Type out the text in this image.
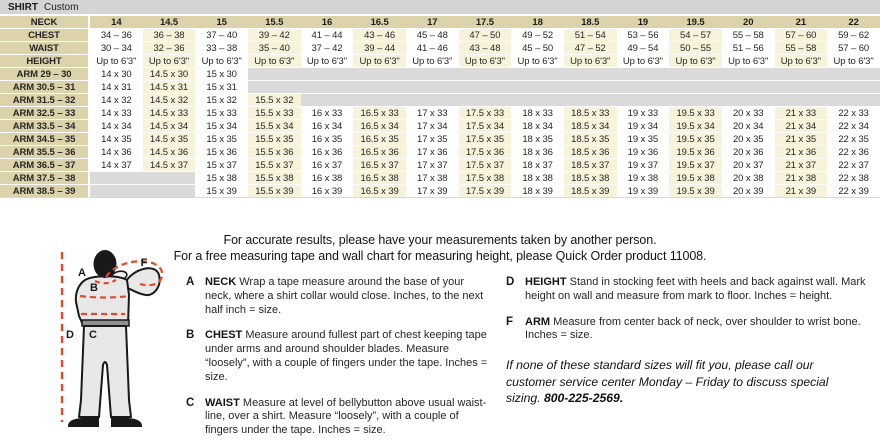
SHIRT Custom
NECK	14	14.5	15	15.5	16	16.5	17	17.5	18	18.5	19	19.5	20	21	22
CHEST	34 – 36	36 – 38	37 – 40	39 – 42	41 – 44	43 – 46	45 – 48	47 – 50	49 – 52	51 – 54	53 – 56	54 – 57	55 – 58	57 – 60	59 – 62
WAIST	30 – 34	32 – 36	33 – 38	35 – 40	37 – 42	39 – 44	41 – 46	43 – 48	45 – 50	47 – 52	49 – 54	50 – 55	51 – 56	55 – 58	57 – 60
HEIGHT	Up to 6'3"	Up to 6'3"	Up to 6'3"	Up to 6'3"	Up to 6'3"	Up to 6'3"	Up to 6'3"	Up to 6'3"	Up to 6'3"	Up to 6'3"	Up to 6'3"	Up to 6'3"	Up to 6'3"	Up to 6'3"	Up to 6'3"
ARM 29 – 30	14 x 30	14.5 x 30	15 x 30												
ARM 30.5 – 31	14 x 31	14.5 x 31	15 x 31												
ARM 31.5 – 32	14 x 32	14.5 x 32	15 x 32	15.5 x 32											
ARM 32.5 – 33	14 x 33	14.5 x 33	15 x 33	15.5 x 33	16 x 33	16.5 x 33	17 x 33	17.5 x 33	18 x 33	18.5 x 33	19 x 33	19.5 x 33	20 x 33	21 x 33	22 x 33
ARM 33.5 – 34	14 x 34	14.5 x 34	15 x 34	15.5 x 34	16 x 34	16.5 x 34	17 x 34	17.5 x 34	18 x 34	18.5 x 34	19 x 34	19.5 x 34	20 x 34	21 x 34	22 x 34
ARM 34.5 – 35	14 x 35	14.5 x 35	15 x 35	15.5 x 35	16 x 35	16.5 x 35	17 x 35	17.5 x 35	18 x 35	18.5 x 35	19 x 35	19.5 x 35	20 x 35	21 x 35	22 x 35
ARM 35.5 – 36	14 x 36	14.5 x 36	15 x 36	15.5 x 36	16 x 36	16.5 x 36	17 x 36	17.5 x 36	18 x 36	18.5 x 36	19 x 36	19.5 x 36	20 x 36	21 x 36	22 x 36
ARM 36.5 – 37	14 x 37	14.5 x 37	15 x 37	15.5 x 37	16 x 37	16.5 x 37	17 x 37	17.5 x 37	18 x 37	18.5 x 37	19 x 37	19.5 x 37	20 x 37	21 x 37	22 x 37
ARM 37.5 – 38			15 x 38	15.5 x 38	16 x 38	16.5 x 38	17 x 38	17.5 x 38	18 x 38	18.5 x 38	19 x 38	19.5 x 38	20 x 38	21 x 38	22 x 38
ARM 38.5 – 39			15 x 39	15.5 x 39	16 x 39	16.5 x 39	17 x 39	17.5 x 39	18 x 39	18.5 x 39	19 x 39	19.5 x 39	20 x 39	21 x 39	22 x 39
For accurate results, please have your measurements taken by another person.
For a free measuring tape and wall chart for measuring height, please Quick Order product 11008.
A
B
C
D
F
A NECK Wrap a tape measure around the base of your neck, where a shirt collar would close. Inches, to the next half inch = size.

B CHEST Measure around fullest part of chest keeping tape under arms and around shoulder blades. Measure “loosely”, with a couple of fingers under the tape. Inches = size.

C WAIST Measure at level of bellybutton above usual waist-line, over a shirt. Measure “loosely”, with a couple of fingers under the tape. Inches = size.

D HEIGHT Stand in stocking feet with heels and back against wall. Mark height on wall and measure from mark to floor. Inches = height.

F	ARM Measure from center back of neck, over shoulder to wrist bone. Inches = size.

If none of these standard sizes will fit you, please call our customer service center Monday – Friday to discuss special sizing. 800-225-2569.
